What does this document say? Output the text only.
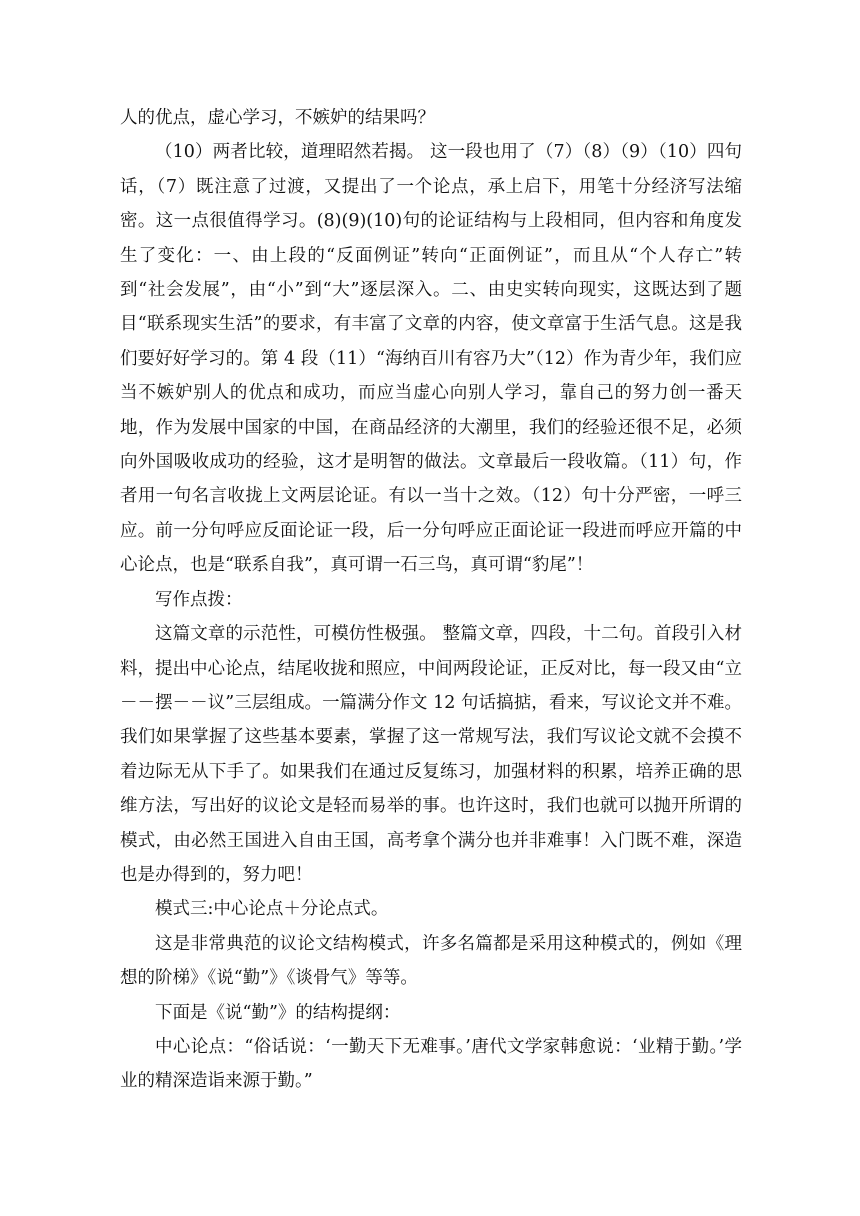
人的优点，虚心学习，不嫉妒的结果吗？

（10）两者比较，道理昭然若揭。 这一段也用了（7）（8）（9）（10）四句话，（7）既注意了过渡，又提出了一个论点，承上启下，用笔十分经济写法缩密。这一点很值得学习。(8)(9)(10)句的论证结构与上段相同，但内容和角度发生了变化：一、由上段的“反面例证”转向“正面例证”，而且从“个人存亡”转到“社会发展”，由“小”到“大”逐层深入。二、由史实转向现实，这既达到了题目“联系现实生活”的要求，有丰富了文章的内容，使文章富于生活气息。这是我们要好好学习的。第 4 段（11）“海纳百川有容乃大”（12）作为青少年，我们应当不嫉妒别人的优点和成功，而应当虚心向别人学习，靠自己的努力创一番天地，作为发展中国家的中国，在商品经济的大潮里，我们的经验还很不足，必须向外国吸收成功的经验，这才是明智的做法。文章最后一段收篇。（11）句，作者用一句名言收拢上文两层论证。有以一当十之效。（12）句十分严密，一呼三应。前一分句呼应反面论证一段，后一分句呼应正面论证一段进而呼应开篇的中心论点，也是“联系自我”，真可谓一石三鸟，真可谓“豹尾”！

写作点拨：

这篇文章的示范性，可模仿性极强。 整篇文章，四段，十二句。首段引入材料，提出中心论点，结尾收拢和照应，中间两段论证，正反对比，每一段又由“立－－摆－－议”三层组成。一篇满分作文 12 句话搞掂，看来，写议论文并不难。我们如果掌握了这些基本要素，掌握了这一常规写法，我们写议论文就不会摸不着边际无从下手了。如果我们在通过反复练习，加强材料的积累，培养正确的思维方法，写出好的议论文是轻而易举的事。也许这时，我们也就可以抛开所谓的模式，由必然王国进入自由王国，高考拿个满分也并非难事！入门既不难，深造也是办得到的，努力吧！

模式三:中心论点＋分论点式。

这是非常典范的议论文结构模式，许多名篇都是采用这种模式的，例如《理想的阶梯》《说“勤”》《谈骨气》等等。

下面是《说“勤”》的结构提纲：

中心论点：“俗话说：‘一勤天下无难事。’唐代文学家韩愈说：‘业精于勤。’学业的精深造诣来源于勤。”
